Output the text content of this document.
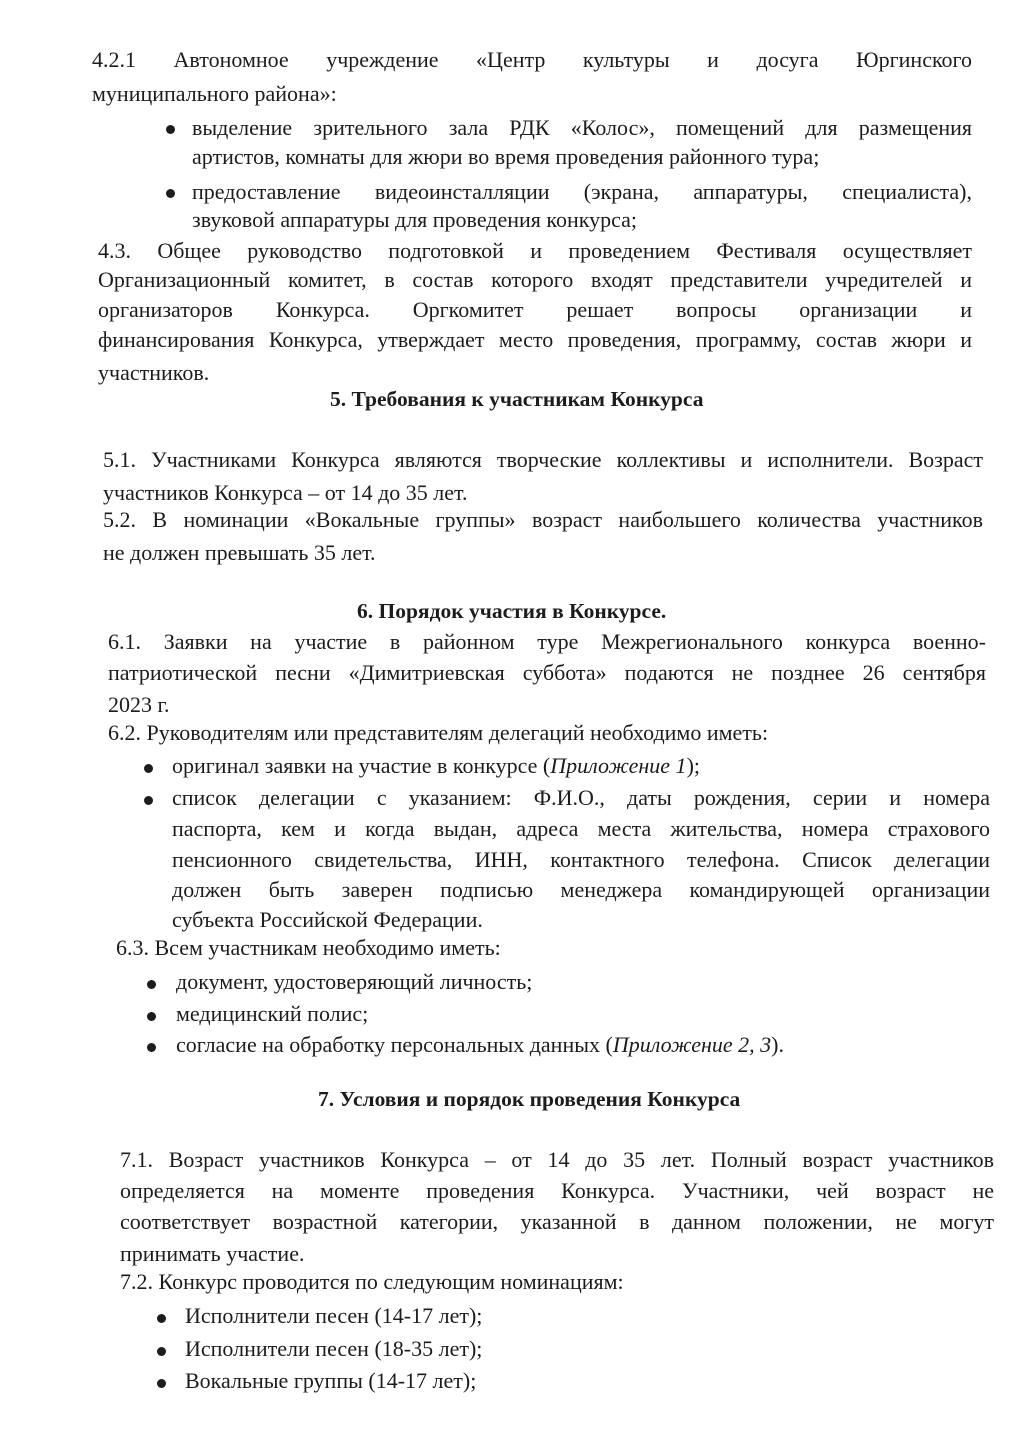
4.2.1 Автономное учреждение «Центр культуры и досуга Юргинского
муниципального района»:
выделение зрительного зала РДК «Колос», помещений для размещения
артистов, комнаты для жюри во время проведения районного тура;
предоставление видеоинсталляции (экрана, аппаратуры, специалиста),
звуковой аппаратуры для проведения конкурса;
4.3. Общее руководство подготовкой и проведением Фестиваля осуществляет
Организационный комитет, в состав которого входят представители учредителей и
организаторов Конкурса. Оргкомитет решает вопросы организации и
финансирования Конкурса, утверждает место проведения, программу, состав жюри и
участников.
5. Требования к участникам Конкурса
5.1. Участниками Конкурса являются творческие коллективы и исполнители. Возраст
участников Конкурса – от 14 до 35 лет.
5.2. В номинации «Вокальные группы» возраст наибольшего количества участников
не должен превышать 35 лет.
6. Порядок участия в Конкурсе.
6.1. Заявки на участие в районном туре Межрегионального конкурса военно-
патриотической песни «Димитриевская суббота» подаются не позднее 26 сентября
2023 г.
6.2. Руководителям или представителям делегаций необходимо иметь:
оригинал заявки на участие в конкурсе (Приложение 1);
список делегации с указанием: Ф.И.О., даты рождения, серии и номера
паспорта, кем и когда выдан, адреса места жительства, номера страхового
пенсионного свидетельства, ИНН, контактного телефона. Список делегации
должен быть заверен подписью менеджера командирующей организации
субъекта Российской Федерации.
6.3. Всем участникам необходимо иметь:
документ, удостоверяющий личность;
медицинский полис;
согласие на обработку персональных данных (Приложение 2, 3).
7. Условия и порядок проведения Конкурса
7.1. Возраст участников Конкурса – от 14 до 35 лет. Полный возраст участников
определяется на моменте проведения Конкурса. Участники, чей возраст не
соответствует возрастной категории, указанной в данном положении, не могут
принимать участие.
7.2. Конкурс проводится по следующим номинациям:
Исполнители песен (14-17 лет);
Исполнители песен (18-35 лет);
Вокальные группы (14-17 лет);
